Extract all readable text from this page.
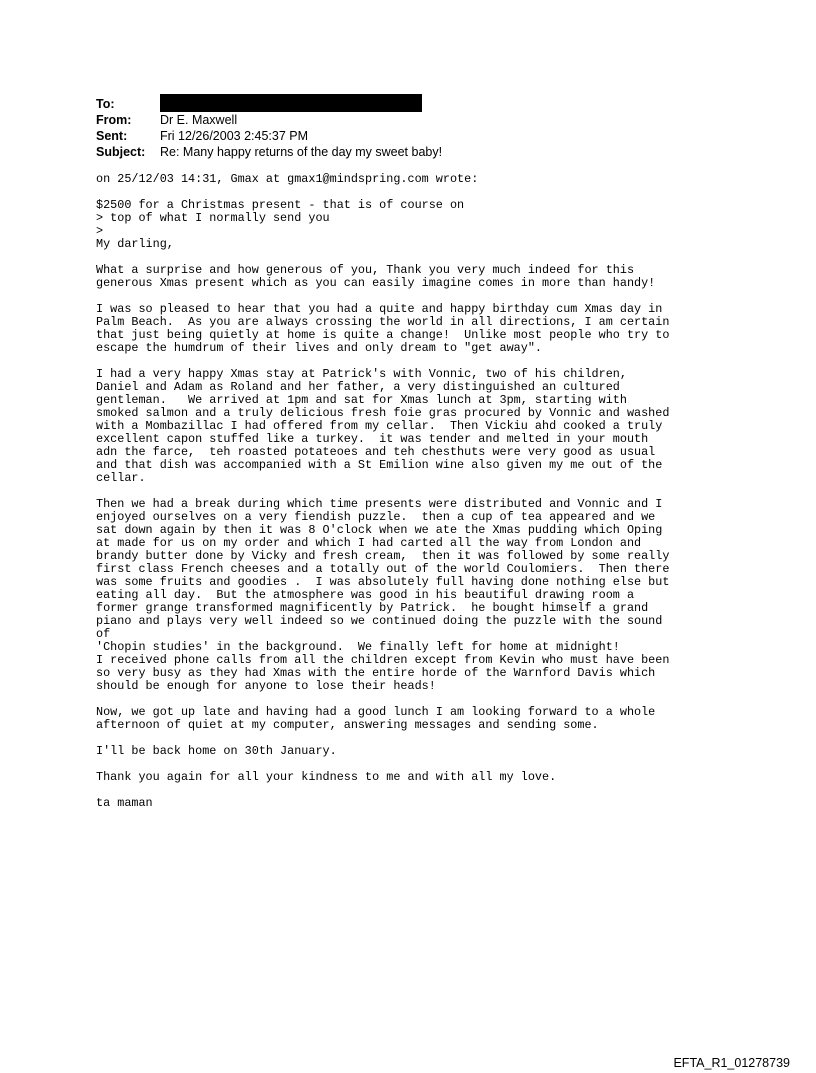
To:
From:	Dr E. Maxwell
Sent:	Fri 12/26/2003 2:45:37 PM
Subject:	Re: Many happy returns of the day my sweet baby!
on 25/12/03 14:31, Gmax at gmax1@mindspring.com wrote:
$2500 for a Christmas present - that is of course on
> top of what I normally send you
>
My darling,
What a surprise and how generous of you, Thank you very much indeed for this
generous Xmas present which as you can easily imagine comes in more than handy!
I was so pleased to hear that you had a quite and happy birthday cum Xmas day in
Palm Beach.  As you are always crossing the world in all directions, I am certain
that just being quietly at home is quite a change!  Unlike most people who try to
escape the humdrum of their lives and only dream to "get away".
I had a very happy Xmas stay at Patrick's with Vonnic, two of his children,
Daniel and Adam as Roland and her father, a very distinguished an cultured
gentleman.   We arrived at 1pm and sat for Xmas lunch at 3pm, starting with
smoked salmon and a truly delicious fresh foie gras procured by Vonnic and washed
with a Mombazillac I had offered from my cellar.  Then Vickiu ahd cooked a truly
excellent capon stuffed like a turkey.  it was tender and melted in your mouth
adn the farce,  teh roasted potateoes and teh chesthuts were very good as usual
and that dish was accompanied with a St Emilion wine also given my me out of the
cellar.
Then we had a break during which time presents were distributed and Vonnic and I
enjoyed ourselves on a very fiendish puzzle.  then a cup of tea appeared and we
sat down again by then it was 8 O'clock when we ate the Xmas pudding which Oping
at made for us on my order and which I had carted all the way from London and
brandy butter done by Vicky and fresh cream,  then it was followed by some really
first class French cheeses and a totally out of the world Coulomiers.  Then there
was some fruits and goodies .  I was absolutely full having done nothing else but
eating all day.  But the atmosphere was good in his beautiful drawing room a
former grange transformed magnificently by Patrick.  he bought himself a grand
piano and plays very well indeed so we continued doing the puzzle with the sound
of
'Chopin studies' in the background.  We finally left for home at midnight!
I received phone calls from all the children except from Kevin who must have been
so very busy as they had Xmas with the entire horde of the Warnford Davis which
should be enough for anyone to lose their heads!
Now, we got up late and having had a good lunch I am looking forward to a whole
afternoon of quiet at my computer, answering messages and sending some.
I'll be back home on 30th January.
Thank you again for all your kindness to me and with all my love.
ta maman
EFTA_R1_01278739
